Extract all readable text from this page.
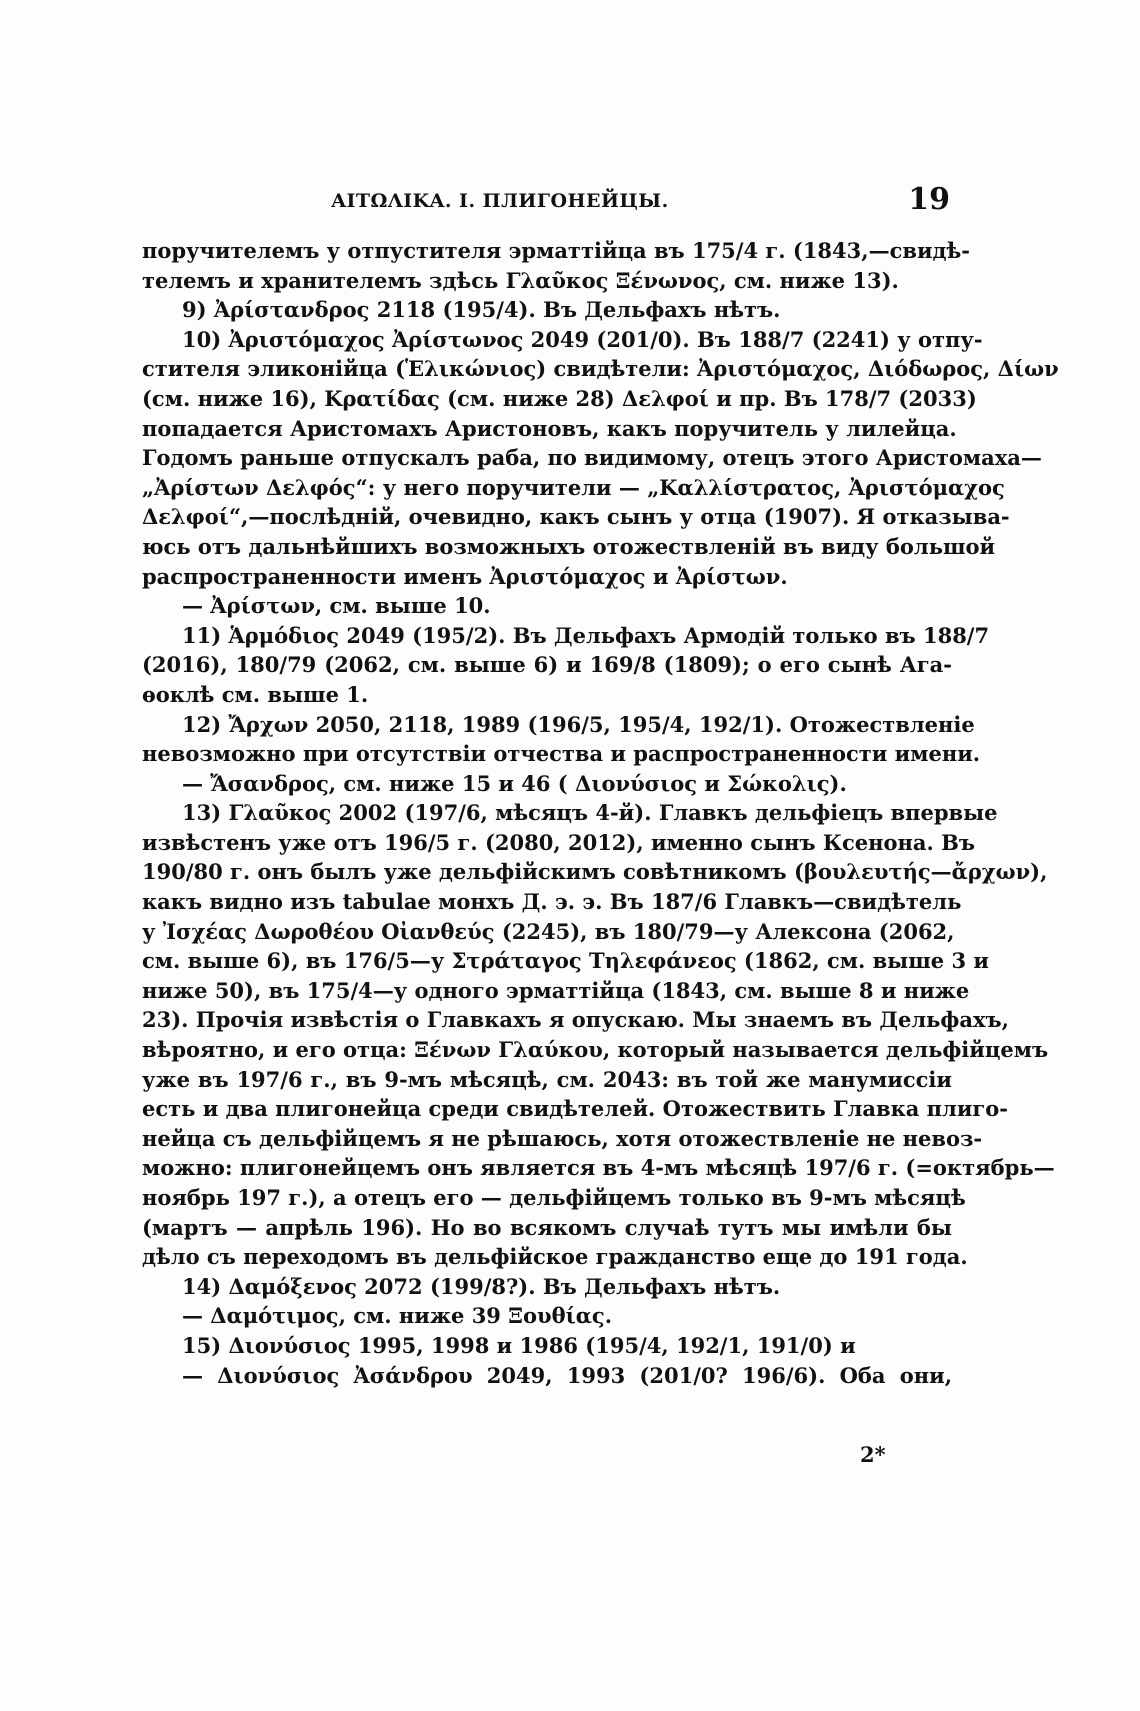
ΑΙΤΩΛΙΚΑ. I. ПЛИГОНЕЙЦЫ.	19
поручителемъ у отпустителя эрматтійца въ 175/4 г. (1843,—свидѣ-
телемъ и хранителемъ здѣсь Γλαῦκος Ξένωνος, см. ниже 13).
9) Ἀρίστανδρος 2118 (195/4). Въ Дельфахъ нѣтъ.
10) Ἀριστόμαχος Ἀρίστωνος 2049 (201/0). Въ 188/7 (2241) у отпу-
стителя эликонійца (Ἑλικώνιος) свидѣтели: Ἀριστόμαχος, Διόδωρος, Δίων
(см. ниже 16), Κρατίδας (см. ниже 28) Δελφοί и пр. Въ 178/7 (2033)
попадается Аристомахъ Аристоновъ, какъ поручитель у лилейца.
Годомъ раньше отпускалъ раба, по видимому, отецъ этого Аристомаха—
„Ἀρίστων Δελφός“: у него поручители — „Καλλίστρατος, Ἀριστόμαχος
Δελφοί“,—послѣдній, очевидно, какъ сынъ у отца (1907). Я отказыва-
юсь отъ дальнѣйшихъ возможныхъ отожествленій въ виду большой
распространенности именъ Ἀριστόμαχος и Ἀρίστων.
— Ἀρίστων, см. выше 10.
11) Ἁρμόδιος 2049 (195/2). Въ Дельфахъ Армодій только въ 188/7
(2016), 180/79 (2062, см. выше 6) и 169/8 (1809); о его сынѣ Ага-
ѳоклѣ см. выше 1.
12) Ἄρχων 2050, 2118, 1989 (196/5, 195/4, 192/1). Отожествленіе
невозможно при отсутствіи отчества и распространенности имени.
— Ἄσανδρος, см. ниже 15 и 46 ( Διονύσιος и Σώκολις).
13) Γλαῦκος 2002 (197/6, мѣсяцъ 4-й). Главкъ дельфіецъ впервые
извѣстенъ уже отъ 196/5 г. (2080, 2012), именно сынъ Ксенона. Въ
190/80 г. онъ былъ уже дельфійскимъ совѣтникомъ (βουλευτής—ἄρχων),
какъ видно изъ tabulae монхъ Д. э. э. Въ 187/6 Главкъ—свидѣтель
у Ἰσχέας Δωροθέου Οἰανθεύς (2245), въ 180/79—у Алексона (2062,
см. выше 6), въ 176/5—у Στράταγος Τηλεφάνεος (1862, см. выше 3 и
ниже 50), въ 175/4—у одного эрматтійца (1843, см. выше 8 и ниже
23). Прочія извѣстія о Главкахъ я опускаю. Мы знаемъ въ Дельфахъ,
вѣроятно, и его отца: Ξένων Γλαύκου, который называется дельфійцемъ
уже въ 197/6 г., въ 9-мъ мѣсяцѣ, см. 2043: въ той же манумиссіи
есть и два плигонейца среди свидѣтелей. Отожествить Главка плиго-
нейца съ дельфійцемъ я не рѣшаюсь, хотя отожествленіе не невоз-
можно: плигонейцемъ онъ является въ 4-мъ мѣсяцѣ 197/6 г. (=октябрь—
ноябрь 197 г.), а отецъ его — дельфійцемъ только въ 9-мъ мѣсяцѣ
(мартъ — апрѣль 196). Но во всякомъ случаѣ тутъ мы имѣли бы
дѣло съ переходомъ въ дельфійское гражданство еще до 191 года.
14) Δαμόξενος 2072 (199/8?). Въ Дельфахъ нѣтъ.
— Δαμότιμος, см. ниже 39 Ξουθίας.
15) Διονύσιος 1995, 1998 и 1986 (195/4, 192/1, 191/0) и
— Διονύσιος Ἀσάνδρου 2049, 1993 (201/0? 196/6). Оба они,
2*
